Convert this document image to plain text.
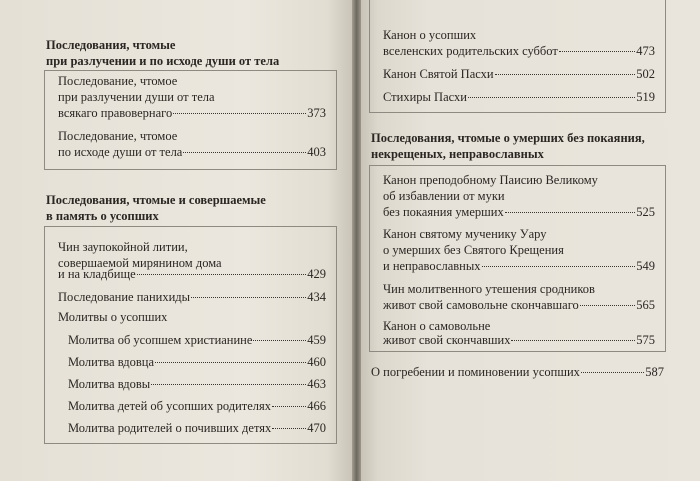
Последования, чтомые
при разлучении и по исходе души от тела
Последование, чтомое
при разлучении души от тела
всякаго правовернаго	373
Последование, чтомое
по исходе души от тела	403
Последования, чтомые и совершаемые
в память о усопших
Чин заупокойной литии,
совершаемой мирянином дома
и на кладбище	429
Последование панихиды	434
Молитвы о усопших
Молитва об усопшем христианине	459
Молитва вдовца	460
Молитва вдовы	463
Молитва детей об усопших родителях	466
Молитва родителей о почивших детях	470
Канон о усопших
вселенских родительских суббот	473
Канон Святой Пасхи	502
Стихиры Пасхи	519
Последования, чтомые о умерших без покаяния,
некрещеных, неправославных
Канон преподобному Паисию Великому
об избавлении от муки
без покаяния умерших	525
Канон святому мученику Уару
о умерших без Святого Крещения
и неправославных	549
Чин молитвенного утешения сродников
живот свой самовольне скончавшаго	565
Канон о самовольне
живот свой скончавших	575
О погребении и поминовении усопших	587
